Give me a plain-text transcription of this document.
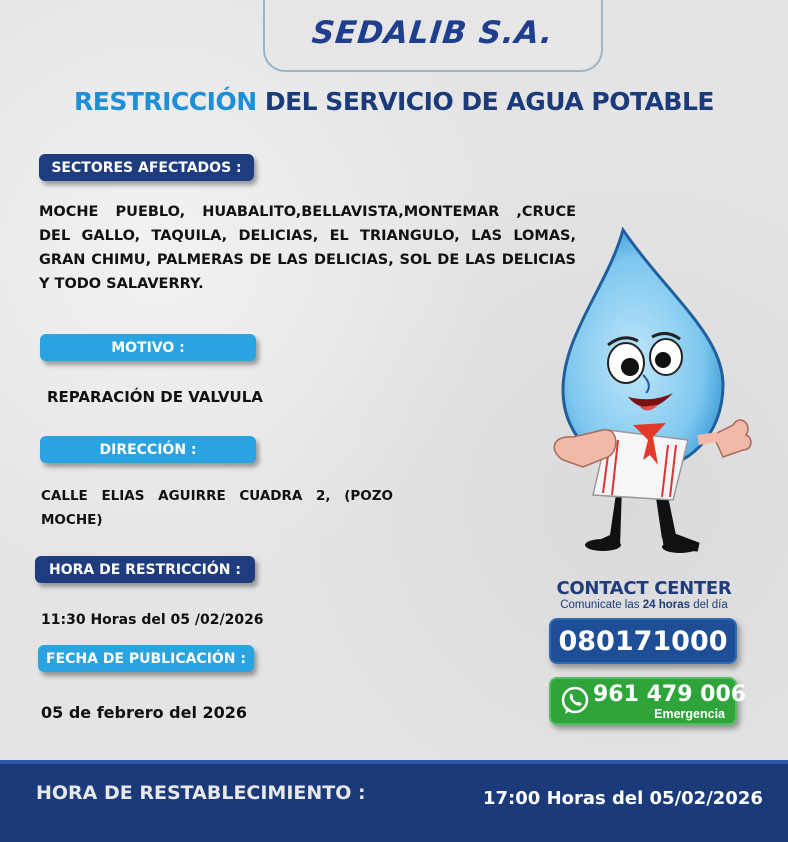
SEDALIB S.A.
RESTRICCIÓN DEL SERVICIO DE AGUA POTABLE
SECTORES AFECTADOS :
MOCHE PUEBLO, HUABALITO,BELLAVISTA,MONTEMAR ,CRUCE DEL GALLO, TAQUILA, DELICIAS, EL TRIANGULO, LAS LOMAS, GRAN CHIMU, PALMERAS DE LAS DELICIAS, SOL DE LAS DELICIAS Y TODO SALAVERRY.
MOTIVO :
REPARACIÓN DE VALVULA
DIRECCIÓN :
CALLE ELIAS AGUIRRE CUADRA 2, (POZO MOCHE)
HORA DE RESTRICCIÓN :
11:30 Horas del 05 /02/2026
FECHA DE PUBLICACIÓN :
05 de febrero del 2026
CONTACT CENTER
Comunicate las 24 horas del día
080171000
961 479 006
Emergencia
HORA DE RESTABLECIMIENTO :	17:00 Horas del 05/02/2026
